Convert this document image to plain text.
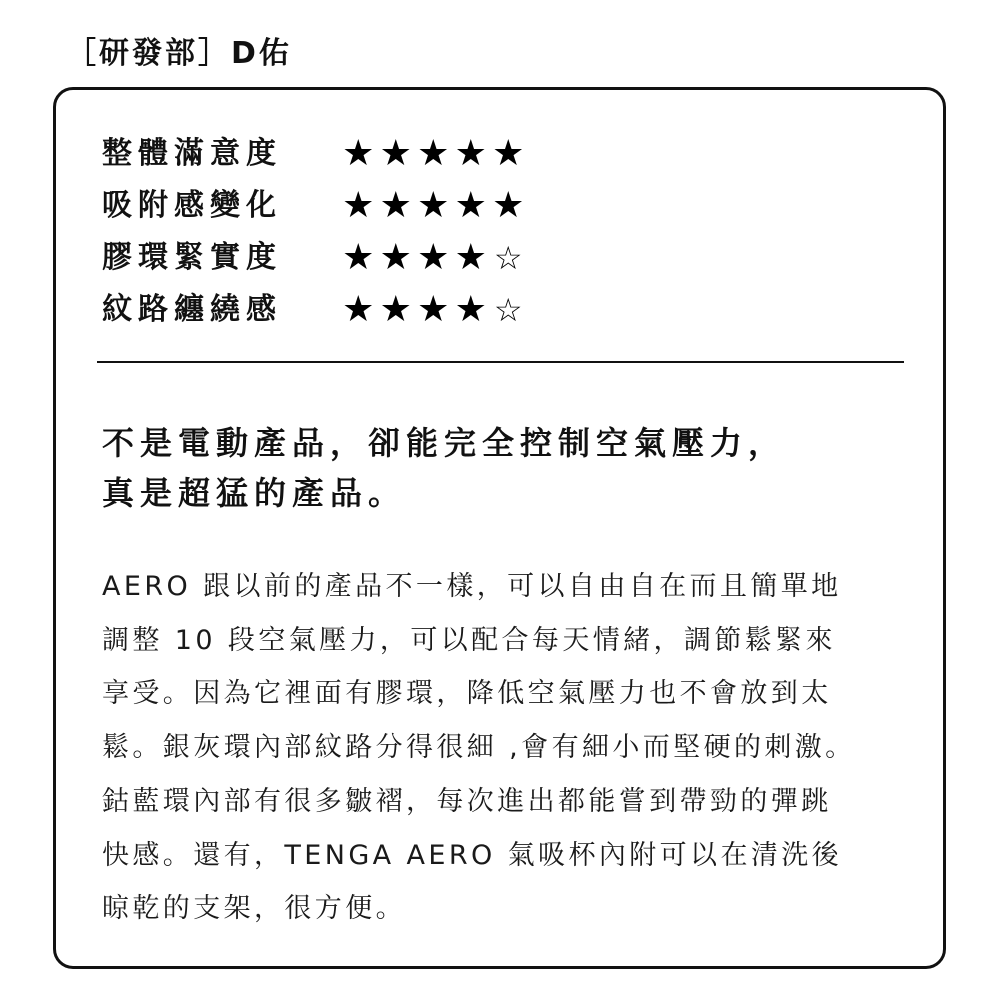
［研發部］D佑
整體滿意度	★ ★ ★ ★ ★
吸附感變化	★ ★ ★ ★ ★
膠環緊實度	★ ★ ★ ★ ☆
紋路纏繞感	★ ★ ★ ★ ☆
不是電動產品，卻能完全控制空氣壓力，
真是超猛的產品。
AERO 跟以前的產品不一樣，可以自由自在而且簡單地
調整 10 段空氣壓力，可以配合每天情緒，調節鬆緊來
享受。因為它裡面有膠環，降低空氣壓力也不會放到太
鬆。銀灰環內部紋路分得很細 ,會有細小而堅硬的刺激。
鈷藍環內部有很多皺褶，每次進出都能嘗到帶勁的彈跳
快感。還有，TENGA AERO 氣吸杯內附可以在清洗後
晾乾的支架，很方便。
